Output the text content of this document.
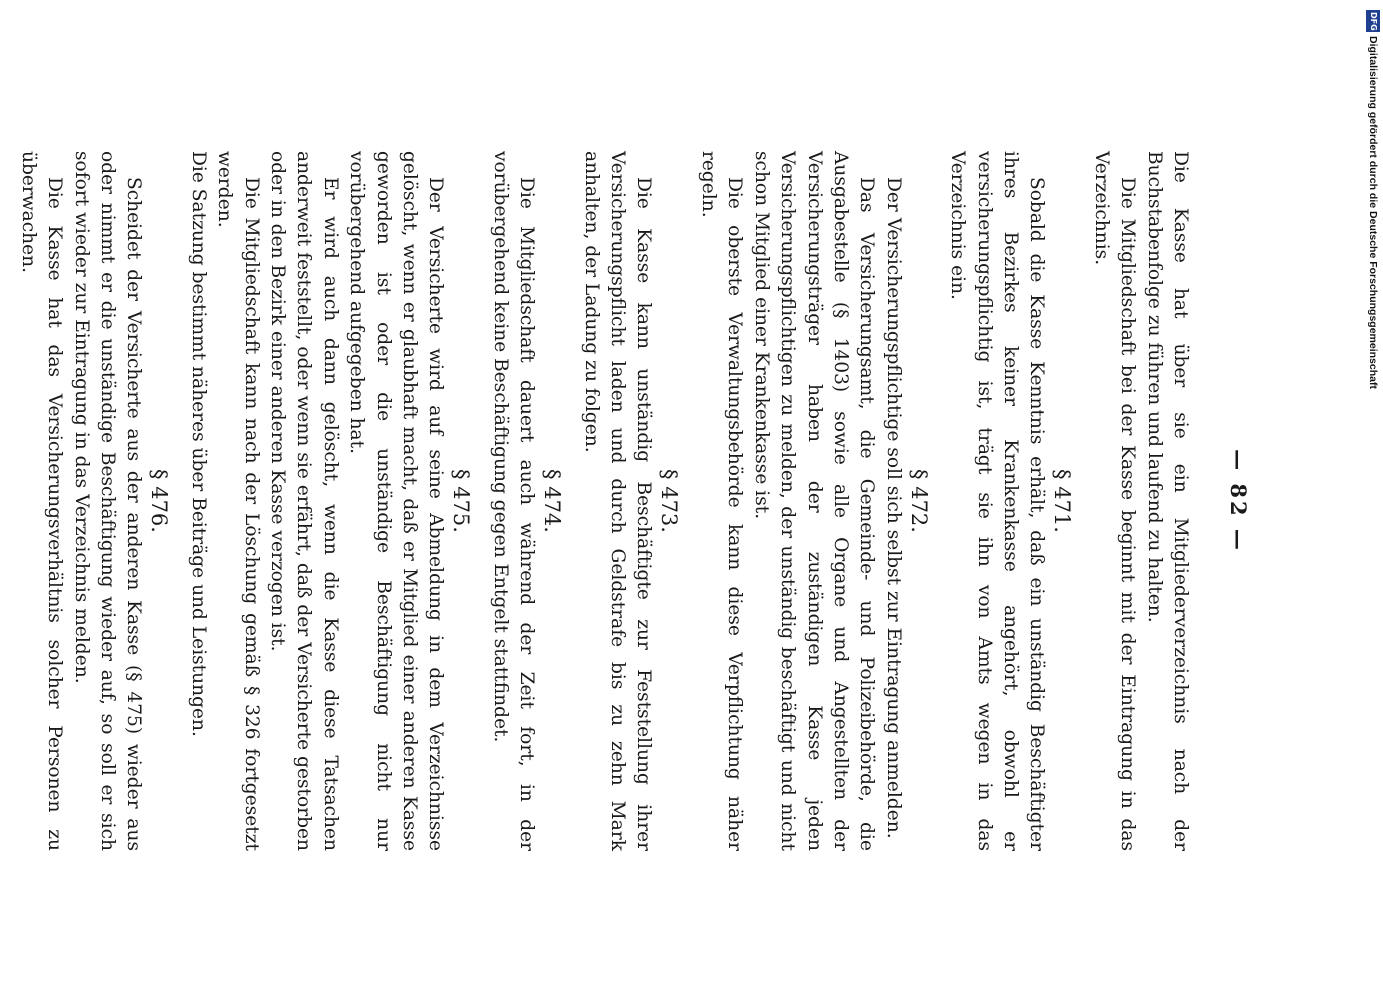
— 82 —

Die Kasse hat über sie ein Mitgliederverzeichnis nach der Buchstabenfolge zu führen und laufend zu halten.

Die Mitgliedschaft bei der Kasse beginnt mit der Eintragung in das Verzeichnis.

§ 471.

Sobald die Kasse Kenntnis erhält, daß ein unständig Beschäftigter ihres Bezirkes keiner Krankenkasse angehört, obwohl er versicherungspflichtig ist, trägt sie ihn von Amts wegen in das Verzeichnis ein.

§ 472.

Der Versicherungspflichtige soll sich selbst zur Eintragung anmelden.

Das Versicherungsamt, die Gemeinde- und Polizeibehörde, die Ausgabestelle (§ 1403) sowie alle Organe und Angestellten der Versicherungsträger haben der zuständigen Kasse jeden Versicherungspflichtigen zu melden, der unständig beschäftigt und nicht schon Mitglied einer Krankenkasse ist.

Die oberste Verwaltungsbehörde kann diese Verpflichtung näher regeln.

§ 473.

Die Kasse kann unständig Beschäftigte zur Feststellung ihrer Versicherungspflicht laden und durch Geldstrafe bis zu zehn Mark anhalten, der Ladung zu folgen.

§ 474.

Die Mitgliedschaft dauert auch während der Zeit fort, in der vorübergehend keine Beschäftigung gegen Entgelt stattfindet.

§ 475.

Der Versicherte wird auf seine Abmeldung in dem Verzeichnisse gelöscht, wenn er glaubhaft macht, daß er Mitglied einer anderen Kasse geworden ist oder die unständige Beschäftigung nicht nur vorübergehend aufgegeben hat.

Er wird auch dann gelöscht, wenn die Kasse diese Tatsachen anderweit feststellt, oder wenn sie erfährt, daß der Versicherte gestorben oder in den Bezirk einer anderen Kasse verzogen ist.

Die Mitgliedschaft kann nach der Löschung gemäß § 326 fortgesetzt werden.

Die Satzung bestimmt näheres über Beiträge und Leistungen.

§ 476.

Scheidet der Versicherte aus der anderen Kasse (§ 475) wieder aus oder nimmt er die unständige Beschäftigung wieder auf, so soll er sich sofort wieder zur Eintragung in das Verzeichnis melden.

Die Kasse hat das Versicherungsverhältnis solcher Personen zu überwachen.

DFG
Digitalisierung gefördert durch die Deutsche Forschungsgemeinschaft
